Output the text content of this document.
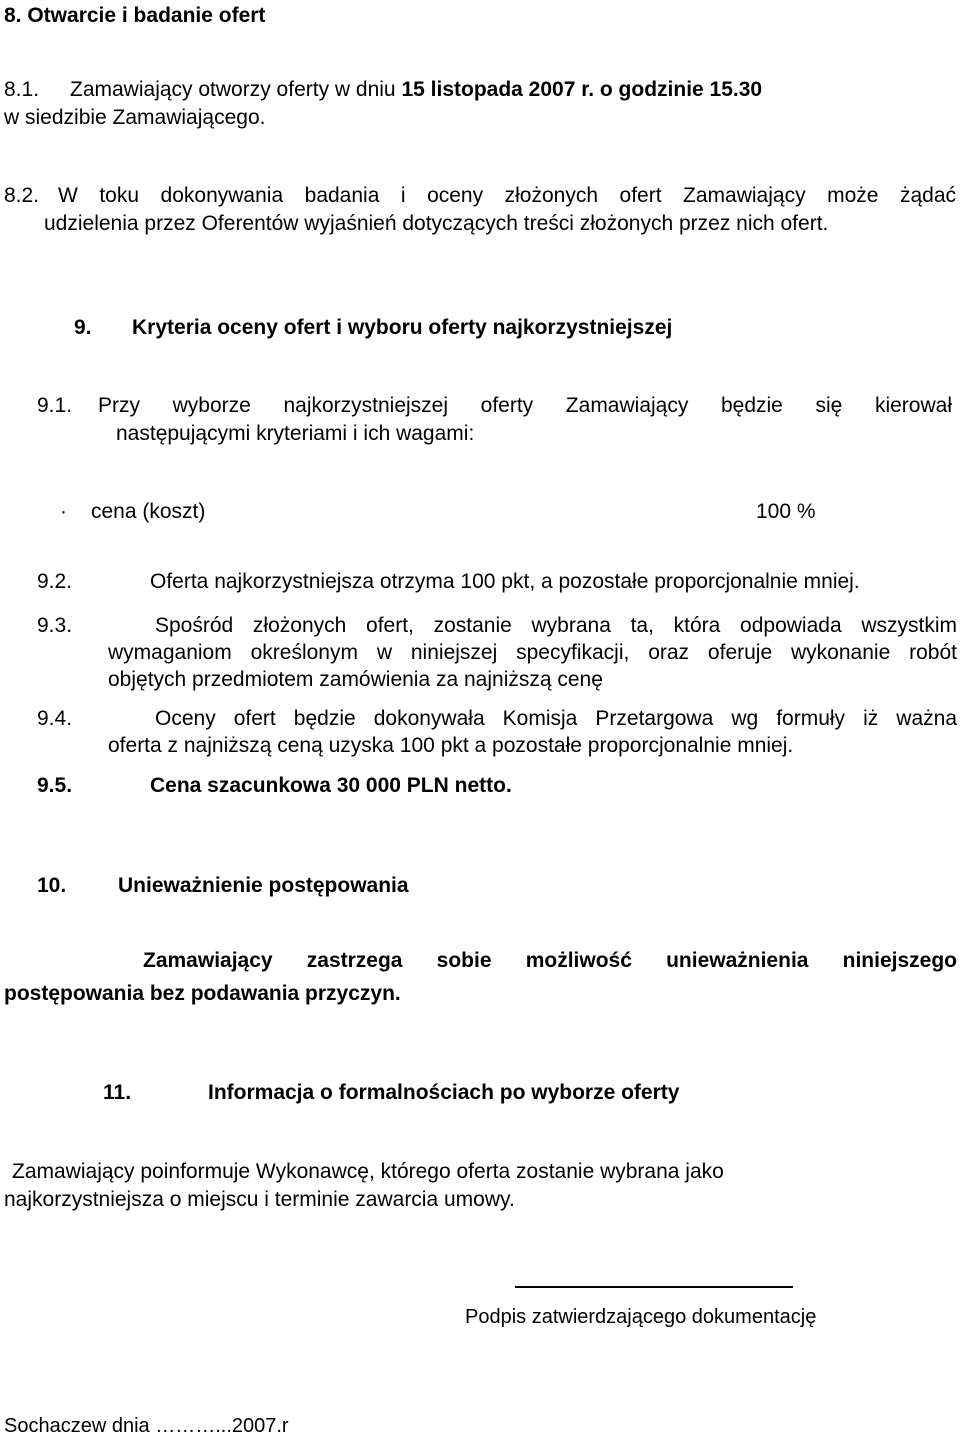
8. Otwarcie i badanie ofert
8.1. Zamawiający otworzy oferty w dniu 15 listopada 2007 r. o godzinie 15.30
w siedzibie Zamawiającego.
8.2. W toku dokonywania badania i oceny złożonych ofert Zamawiający może żądać
udzielenia przez Oferentów wyjaśnień dotyczących treści złożonych przez nich ofert.
9. Kryteria oceny ofert i wyboru oferty najkorzystniejszej
9.1. Przy wyborze najkorzystniejszej oferty Zamawiający będzie się kierował
następującymi kryteriami i ich wagami:
· cena (koszt)	100 %
9.2.	Oferta najkorzystniejsza otrzyma 100 pkt, a pozostałe proporcjonalnie mniej.
9.3.	Spośród złożonych ofert, zostanie wybrana ta, która odpowiada wszystkim
wymaganiom określonym w niniejszej specyfikacji, oraz oferuje wykonanie robót
objętych przedmiotem zamówienia za najniższą cenę
9.4.	Oceny ofert będzie dokonywała Komisja Przetargowa wg formuły iż ważna
oferta z najniższą ceną uzyska 100 pkt a pozostałe proporcjonalnie mniej.
9.5.	Cena szacunkowa 30 000 PLN netto.
10. Unieważnienie postępowania
Zamawiający zastrzega sobie możliwość unieważnienia niniejszego
postępowania bez podawania przyczyn.
11.	Informacja o formalnościach po wyborze oferty
Zamawiający poinformuje Wykonawcę, którego oferta zostanie wybrana jako
najkorzystniejsza o miejscu i terminie zawarcia umowy.
Podpis zatwierdzającego dokumentację
Sochaczew dnia ………...2007.r
